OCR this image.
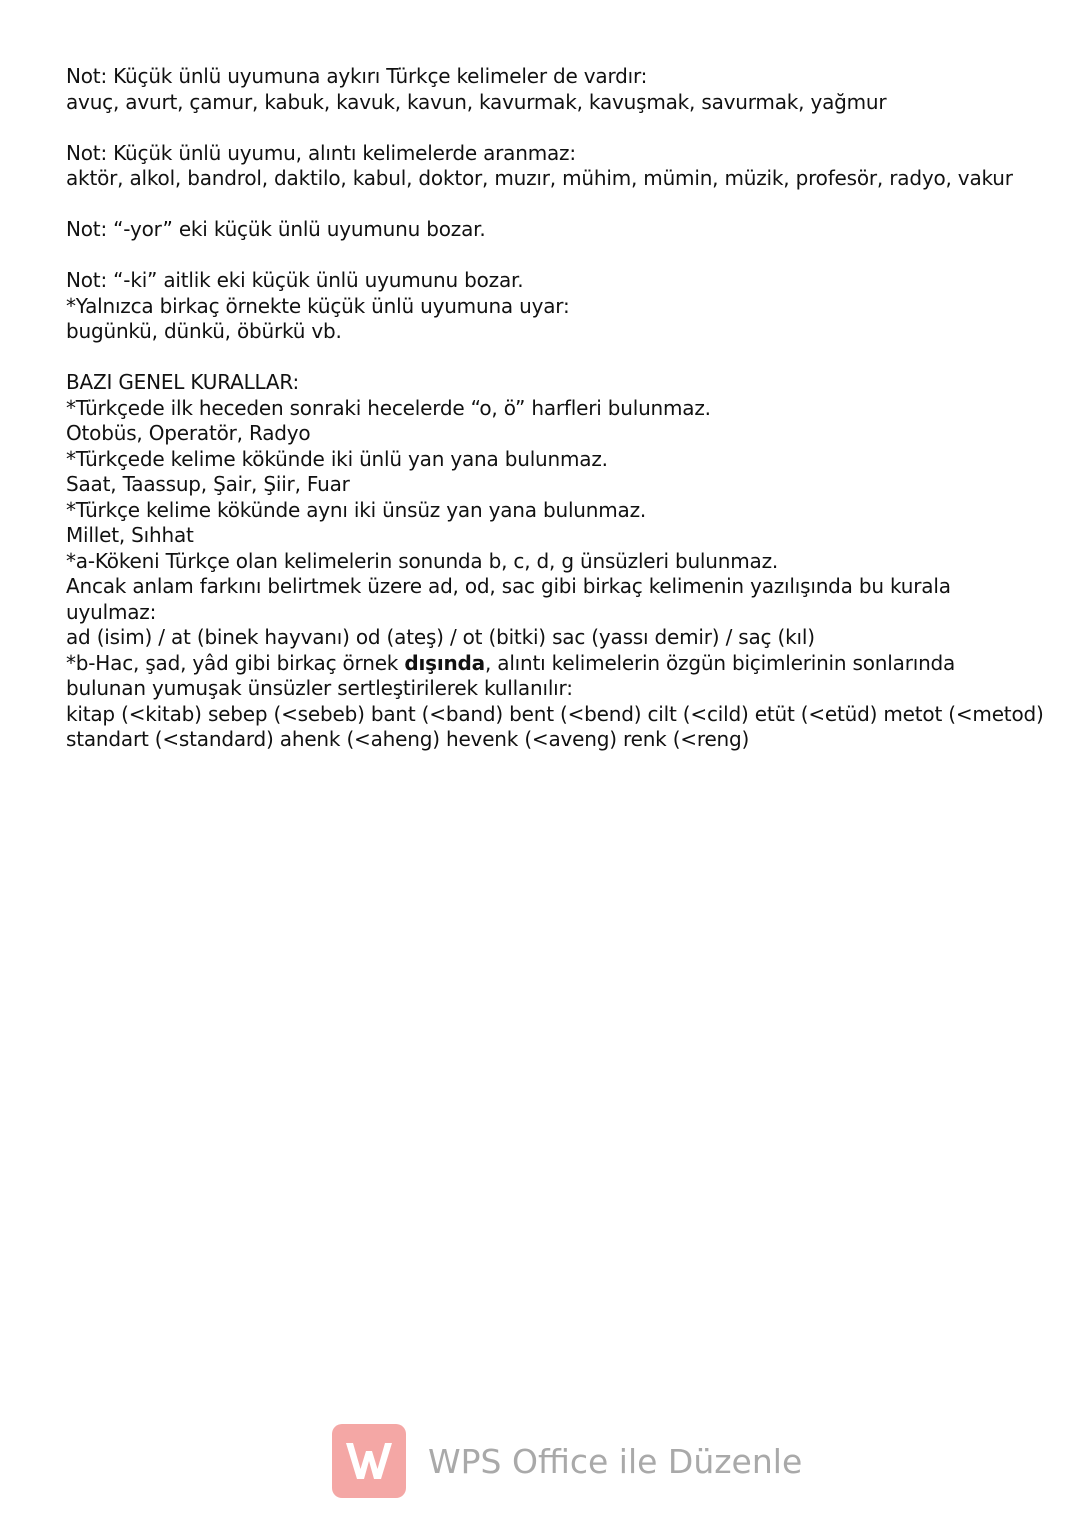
Not: Küçük ünlü uyumuna aykırı Türkçe kelimeler de vardır:
avuç, avurt, çamur, kabuk, kavuk, kavun, kavurmak, kavuşmak, savurmak, yağmur
Not: Küçük ünlü uyumu, alıntı kelimelerde aranmaz:
aktör, alkol, bandrol, daktilo, kabul, doktor, muzır, mühim, mümin, müzik, profesör, radyo, vakur
Not: “-yor” eki küçük ünlü uyumunu bozar.
Not: “-ki” aitlik eki küçük ünlü uyumunu bozar.
*Yalnızca birkaç örnekte küçük ünlü uyumuna uyar:
bugünkü, dünkü, öbürkü vb.
BAZI GENEL KURALLAR:
*Türkçede ilk heceden sonraki hecelerde “o, ö” harfleri bulunmaz.
Otobüs, Operatör, Radyo
*Türkçede kelime kökünde iki ünlü yan yana bulunmaz.
Saat, Taassup, Şair, Şiir, Fuar
*Türkçe kelime kökünde aynı iki ünsüz yan yana bulunmaz.
Millet, Sıhhat
*a-Kökeni Türkçe olan kelimelerin sonunda b, c, d, g ünsüzleri bulunmaz.
Ancak anlam farkını belirtmek üzere ad, od, sac gibi birkaç kelimenin yazılışında bu kurala
uyulmaz:
ad (isim) / at (binek hayvanı) od (ateş) / ot (bitki) sac (yassı demir) / saç (kıl)
*b-Hac, şad, yâd gibi birkaç örnek dışında, alıntı kelimelerin özgün biçimlerinin sonlarında
bulunan yumuşak ünsüzler sertleştirilerek kullanılır:
kitap (<kitab) sebep (<sebeb) bant (<band) bent (<bend) cilt (<cild) etüt (<etüd) metot (<metod)
standart (<standard) ahenk (<aheng) hevenk (<aveng) renk (<reng)
WPS Office ile Düzenle
